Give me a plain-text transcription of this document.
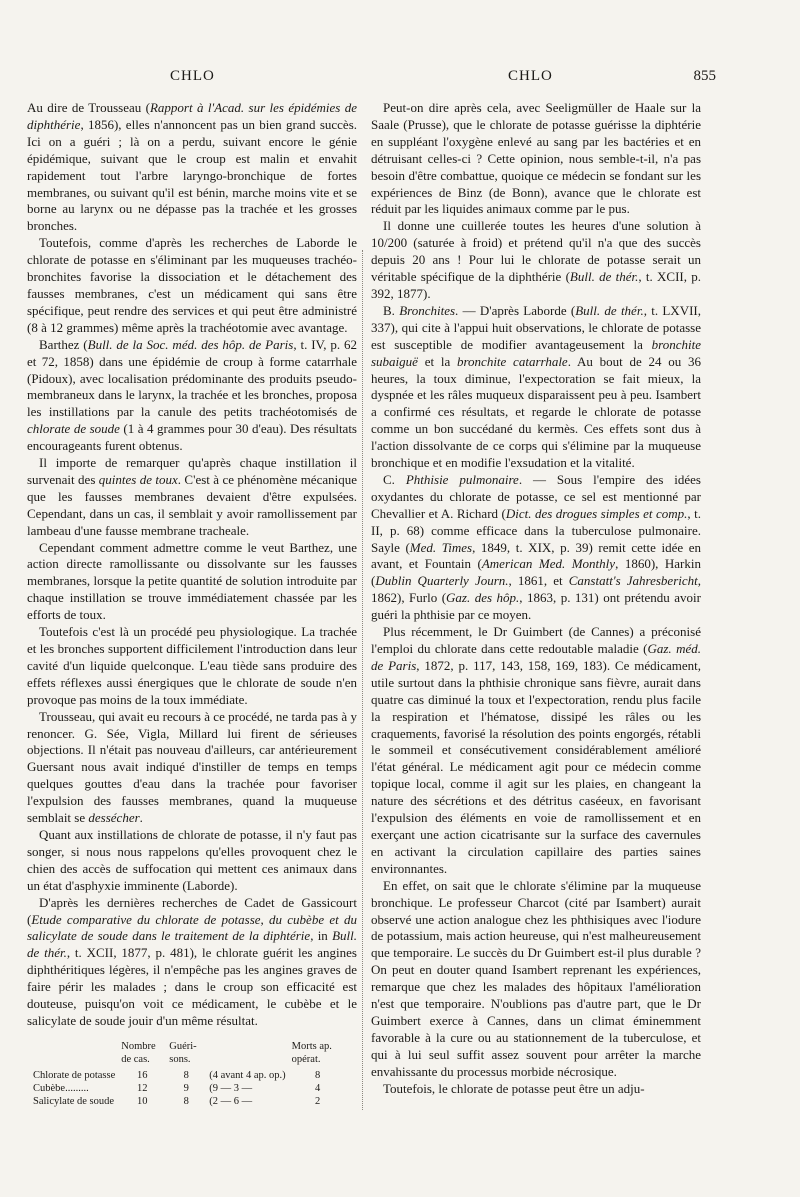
CHLO	CHLO	855

Au dire de Trousseau (Rapport à l'Acad. sur les épidémies de diphthérie, 1856), elles n'annoncent pas un bien grand succès. Ici on a guéri ; là on a perdu, suivant encore le génie épidémique, suivant que le croup est malin et envahit rapidement tout l'arbre laryngo-bronchique de fortes membranes, ou suivant qu'il est bénin, marche moins vite et se borne au larynx ou ne dépasse pas la trachée et les grosses bronches.

Toutefois, comme d'après les recherches de Laborde le chlorate de potasse en s'éliminant par les muqueuses trachéo-bronchites favorise la dissociation et le détachement des fausses membranes, c'est un médicament qui sans être spécifique, peut rendre des services et qui peut être administré (8 à 12 grammes) même après la trachéotomie avec avantage.

Barthez (Bull. de la Soc. méd. des hôp. de Paris, t. IV, p. 62 et 72, 1858) dans une épidémie de croup à forme catarrhale (Pidoux), avec localisation prédominante des produits pseudo-membraneux dans le larynx, la trachée et les bronches, proposa les instillations par la canule des petits trachéotomisés de chlorate de soude (1 à 4 grammes pour 30 d'eau). Des résultats encourageants furent obtenus.

Il importe de remarquer qu'après chaque instillation il survenait des quintes de toux. C'est à ce phénomène mécanique que les fausses membranes devaient d'être expulsées. Cependant, dans un cas, il semblait y avoir ramollissement par lambeau d'une fausse membrane tracheale.

Cependant comment admettre comme le veut Barthez, une action directe ramollissante ou dissolvante sur les fausses membranes, lorsque la petite quantité de solution introduite par chaque instillation se trouve immédiatement chassée par les efforts de toux.

Toutefois c'est là un procédé peu physiologique. La trachée et les bronches supportent difficilement l'introduction dans leur cavité d'un liquide quelconque. L'eau tiède sans produire des effets réflexes aussi énergiques que le chlorate de soude n'en provoque pas moins de la toux immédiate.

Trousseau, qui avait eu recours à ce procédé, ne tarda pas à y renoncer. G. Sée, Vigla, Millard lui firent de sérieuses objections. Il n'était pas nouveau d'ailleurs, car antérieurement Guersant nous avait indiqué d'instiller de temps en temps quelques gouttes d'eau dans la trachée pour favoriser l'expulsion des fausses membranes, quand la muqueuse semblait se dessécher.

Quant aux instillations de chlorate de potasse, il n'y faut pas songer, si nous nous rappelons qu'elles provoquent chez le chien des accès de suffocation qui mettent ces animaux dans un état d'asphyxie imminente (Laborde).

D'après les dernières recherches de Cadet de Gassicourt (Etude comparative du chlorate de potasse, du cubèbe et du salicylate de soude dans le traitement de la diphtérie, in Bull. de thér., t. XCII, 1877, p. 481), le chlorate guérit les angines diphthéritiques légères, il n'empêche pas les angines graves de faire périr les malades ; dans le croup son efficacité est douteuse, puisqu'on voit ce médicament, le cubèbe et le salicylate de soude jouir d'un même résultat.

	Nombre de cas.	Guéri-sons.		Morts ap. opérat.
Chlorate de potasse	16	8	(4 avant 4 ap. op.)	8
Cubèbe.........	12	9	(9 — 3 —	4
Salicylate de soude	10	8	(2 — 6 —	2

Peut-on dire après cela, avec Seeligmüller de Haale sur la Saale (Prusse), que le chlorate de potasse guérisse la diphtérie en suppléant l'oxygène enlevé au sang par les bactéries et en détruisant celles-ci ? Cette opinion, nous semble-t-il, n'a pas besoin d'être combattue, quoique ce médecin se fondant sur les expériences de Binz (de Bonn), avance que le chlorate est réduit par les liquides animaux comme par le pus.

Il donne une cuillerée toutes les heures d'une solution à 10/200 (saturée à froid) et prétend qu'il n'a que des succès depuis 20 ans ! Pour lui le chlorate de potasse serait un véritable spécifique de la diphthérie (Bull. de thér., t. XCII, p. 392, 1877).

B. Bronchites. — D'après Laborde (Bull. de thér., t. LXVII, 337), qui cite à l'appui huit observations, le chlorate de potasse est susceptible de modifier avantageusement la bronchite subaiguë et la bronchite catarrhale. Au bout de 24 ou 36 heures, la toux diminue, l'expectoration se fait mieux, la dyspnée et les râles muqueux disparaissent peu à peu. Isambert a confirmé ces résultats, et regarde le chlorate de potasse comme un bon succédané du kermès. Ces effets sont dus à l'action dissolvante de ce corps qui s'élimine par la muqueuse bronchique et en modifie l'exsudation et la vitalité.

C. Phthisie pulmonaire. — Sous l'empire des idées oxydantes du chlorate de potasse, ce sel est mentionné par Chevallier et A. Richard (Dict. des drogues simples et comp., t. II, p. 68) comme efficace dans la tuberculose pulmonaire. Sayle (Med. Times, 1849, t. XIX, p. 39) remit cette idée en avant, et Fountain (American Med. Monthly, 1860), Harkin (Dublin Quarterly Journ., 1861, et Canstatt's Jahresbericht, 1862), Furlo (Gaz. des hôp., 1863, p. 131) ont prétendu avoir guéri la phthisie par ce moyen.

Plus récemment, le Dr Guimbert (de Cannes) a préconisé l'emploi du chlorate dans cette redoutable maladie (Gaz. méd. de Paris, 1872, p. 117, 143, 158, 169, 183). Ce médicament, utile surtout dans la phthisie chronique sans fièvre, aurait dans quatre cas diminué la toux et l'expectoration, rendu plus facile la respiration et l'hématose, dissipé les râles ou les craquements, favorisé la résolution des points engorgés, rétabli le sommeil et consécutivement considérablement amélioré l'état général. Le médicament agit pour ce médecin comme topique local, comme il agit sur les plaies, en changeant la nature des sécrétions et des détritus caséeux, en favorisant l'expulsion des éléments en voie de ramollissement et en exerçant une action cicatrisante sur la surface des cavernules en activant la circulation capillaire des parties saines environnantes.

En effet, on sait que le chlorate s'élimine par la muqueuse bronchique. Le professeur Charcot (cité par Isambert) aurait observé une action analogue chez les phthisiques avec l'iodure de potassium, mais action heureuse, qui n'est malheureusement que temporaire. Le succès du Dr Guimbert est-il plus durable ? On peut en douter quand Isambert reprenant les expériences, remarque que chez les malades des hôpitaux l'amélioration n'est que temporaire. N'oublions pas d'autre part, que le Dr Guimbert exerce à Cannes, dans un climat éminemment favorable à la cure ou au stationnement de la tuberculose, et qui à lui seul suffit assez souvent pour arrêter la marche envahissante du processus morbide nécrosique.

Toutefois, le chlorate de potasse peut être un adju-
